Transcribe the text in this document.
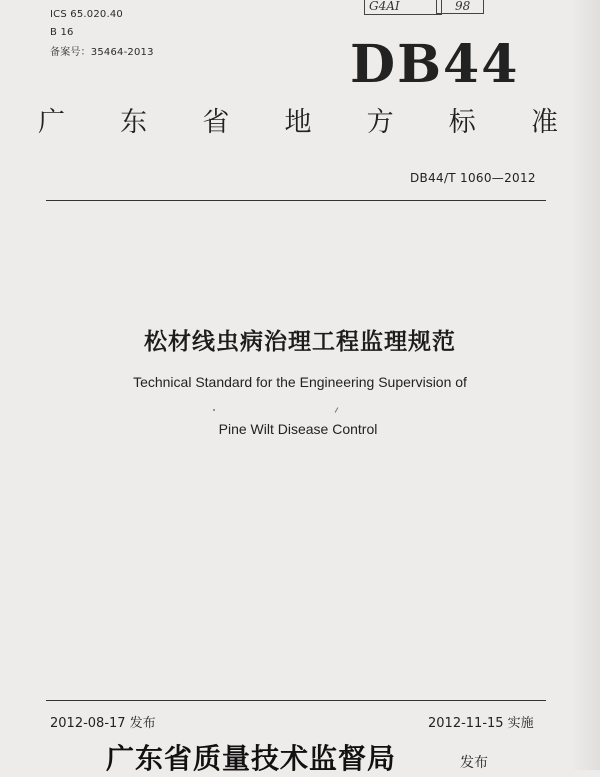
ICS 65.020.40
B 16
备案号：35464-2013
G4AI	98
DB44
广 东 省 地 方 标 准
DB44/T 1060—2012
松材线虫病治理工程监理规范
Technical Standard for the Engineering Supervision of
Pine Wilt Disease Control
2012-08-17 发布	2012-11-15 实施
广东省质量技术监督局	发布
